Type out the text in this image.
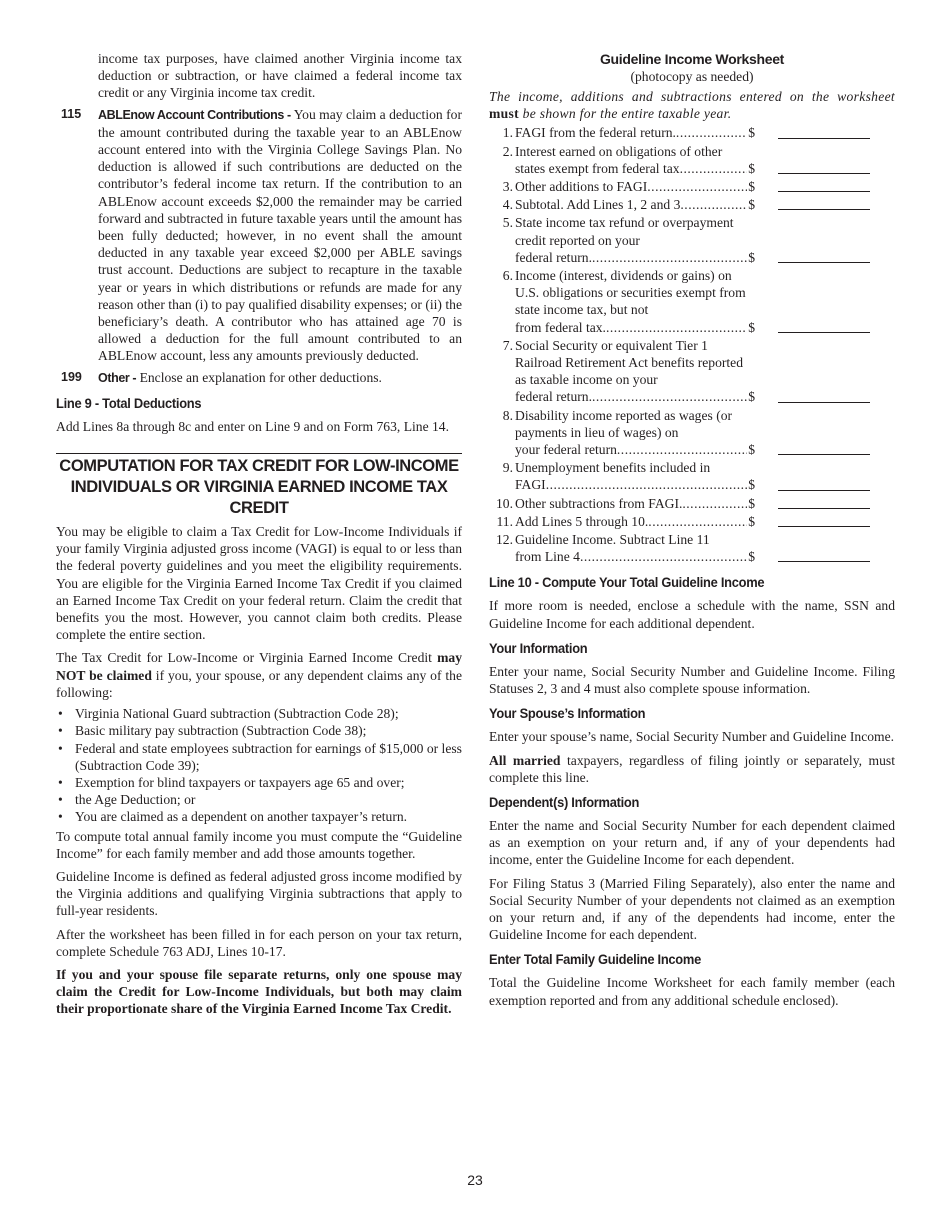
income tax purposes, have claimed another Virginia income tax deduction or subtraction, or have claimed a federal income tax credit or any Virginia income tax credit.

115 ABLEnow Account Contributions - You may claim a deduction for the amount contributed during the taxable year to an ABLEnow account entered into with the Virginia College Savings Plan. No deduction is allowed if such contributions are deducted on the contributor’s federal income tax return. If the contribution to an ABLEnow account exceeds $2,000 the remainder may be carried forward and subtracted in future taxable years until the amount has been fully deducted; however, in no event shall the amount deducted in any taxable year exceed $2,000 per ABLE savings trust account. Deductions are subject to recapture in the taxable year or years in which distributions or refunds are made for any reason other than (i) to pay qualified disability expenses; or (ii) the beneficiary’s death. A contributor who has attained age 70 is allowed a deduction for the full amount contributed to an ABLEnow account, less any amounts previously deducted.
199 Other - Enclose an explanation for other deductions.
Line 9 - Total Deductions

Add Lines 8a through 8c and enter on Line 9 and on Form 763, Line 14.

COMPUTATION FOR TAX CREDIT FOR LOW-INCOME INDIVIDUALS OR VIRGINIA EARNED INCOME TAX CREDIT

You may be eligible to claim a Tax Credit for Low-Income Individuals if your family Virginia adjusted gross income (VAGI) is equal to or less than the federal poverty guidelines and you meet the eligibility requirements. You are eligible for the Virginia Earned Income Tax Credit if you claimed an Earned Income Tax Credit on your federal return. Claim the credit that benefits you the most. However, you cannot claim both credits. Please complete the entire section.

The Tax Credit for Low-Income or Virginia Earned Income Credit may NOT be claimed if you, your spouse, or any dependent claims any of the following:

• Virginia National Guard subtraction (Subtraction Code 28);
• Basic military pay subtraction (Subtraction Code 38);
• Federal and state employees subtraction for earnings of $15,000 or less (Subtraction Code 39);
• Exemption for blind taxpayers or taxpayers age 65 and over;
• the Age Deduction; or
• You are claimed as a dependent on another taxpayer’s return.

To compute total annual family income you must compute the “Guideline Income” for each family member and add those amounts together.

Guideline Income is defined as federal adjusted gross income modified by the Virginia additions and qualifying Virginia subtractions that apply to full-year residents.

After the worksheet has been filled in for each person on your tax return, complete Schedule 763 ADJ, Lines 10-17.

If you and your spouse file separate returns, only one spouse may claim the Credit for Low-Income Individuals, but both may claim their proportionate share of the Virginia Earned Income Tax Credit.

Guideline Income Worksheet
(photocopy as needed)
The income, additions and subtractions entered on the worksheet must be shown for the entire taxable year.
1. FAGI from the federal return. .....	$
2. Interest earned on obligations of other
states exempt from federal tax .....	$
3. Other additions to FAGI .....	$
4. Subtotal. Add Lines 1, 2 and 3 .....	$
5. State income tax refund or overpayment credit reported on your
federal return. .....	$
6. Income (interest, dividends or gains) on U.S. obligations or securities exempt from state income tax, but not
from federal tax. .....	$
7. Social Security or equivalent Tier 1 Railroad Retirement Act benefits reported as taxable income on your
federal return. .....	$
8. Disability income reported as wages (or payments in lieu of wages) on
your federal return .....	$
9. Unemployment benefits included in
FAGI .....	$
10. Other subtractions from FAGI. .....	$
11. Add Lines 5 through 10. .....	$
12. Guideline Income. Subtract Line 11
from Line 4 .....	$
Line 10 - Compute Your Total Guideline Income

If more room is needed, enclose a schedule with the name, SSN and Guideline Income for each additional dependent.

Your Information

Enter your name, Social Security Number and Guideline Income. Filing Statuses 2, 3 and 4 must also complete spouse information.

Your Spouse’s Information

Enter your spouse’s name, Social Security Number and Guideline Income.

All married taxpayers, regardless of filing jointly or separately, must complete this line.

Dependent(s) Information

Enter the name and Social Security Number for each dependent claimed as an exemption on your return and, if any of your dependents had income, enter the Guideline Income for each dependent.

For Filing Status 3 (Married Filing Separately), also enter the name and Social Security Number of your dependents not claimed as an exemption on your return and, if any of the dependents had income, enter the Guideline Income for each dependent.

Enter Total Family Guideline Income

Total the Guideline Income Worksheet for each family member (each exemption reported and from any additional schedule enclosed).

23
